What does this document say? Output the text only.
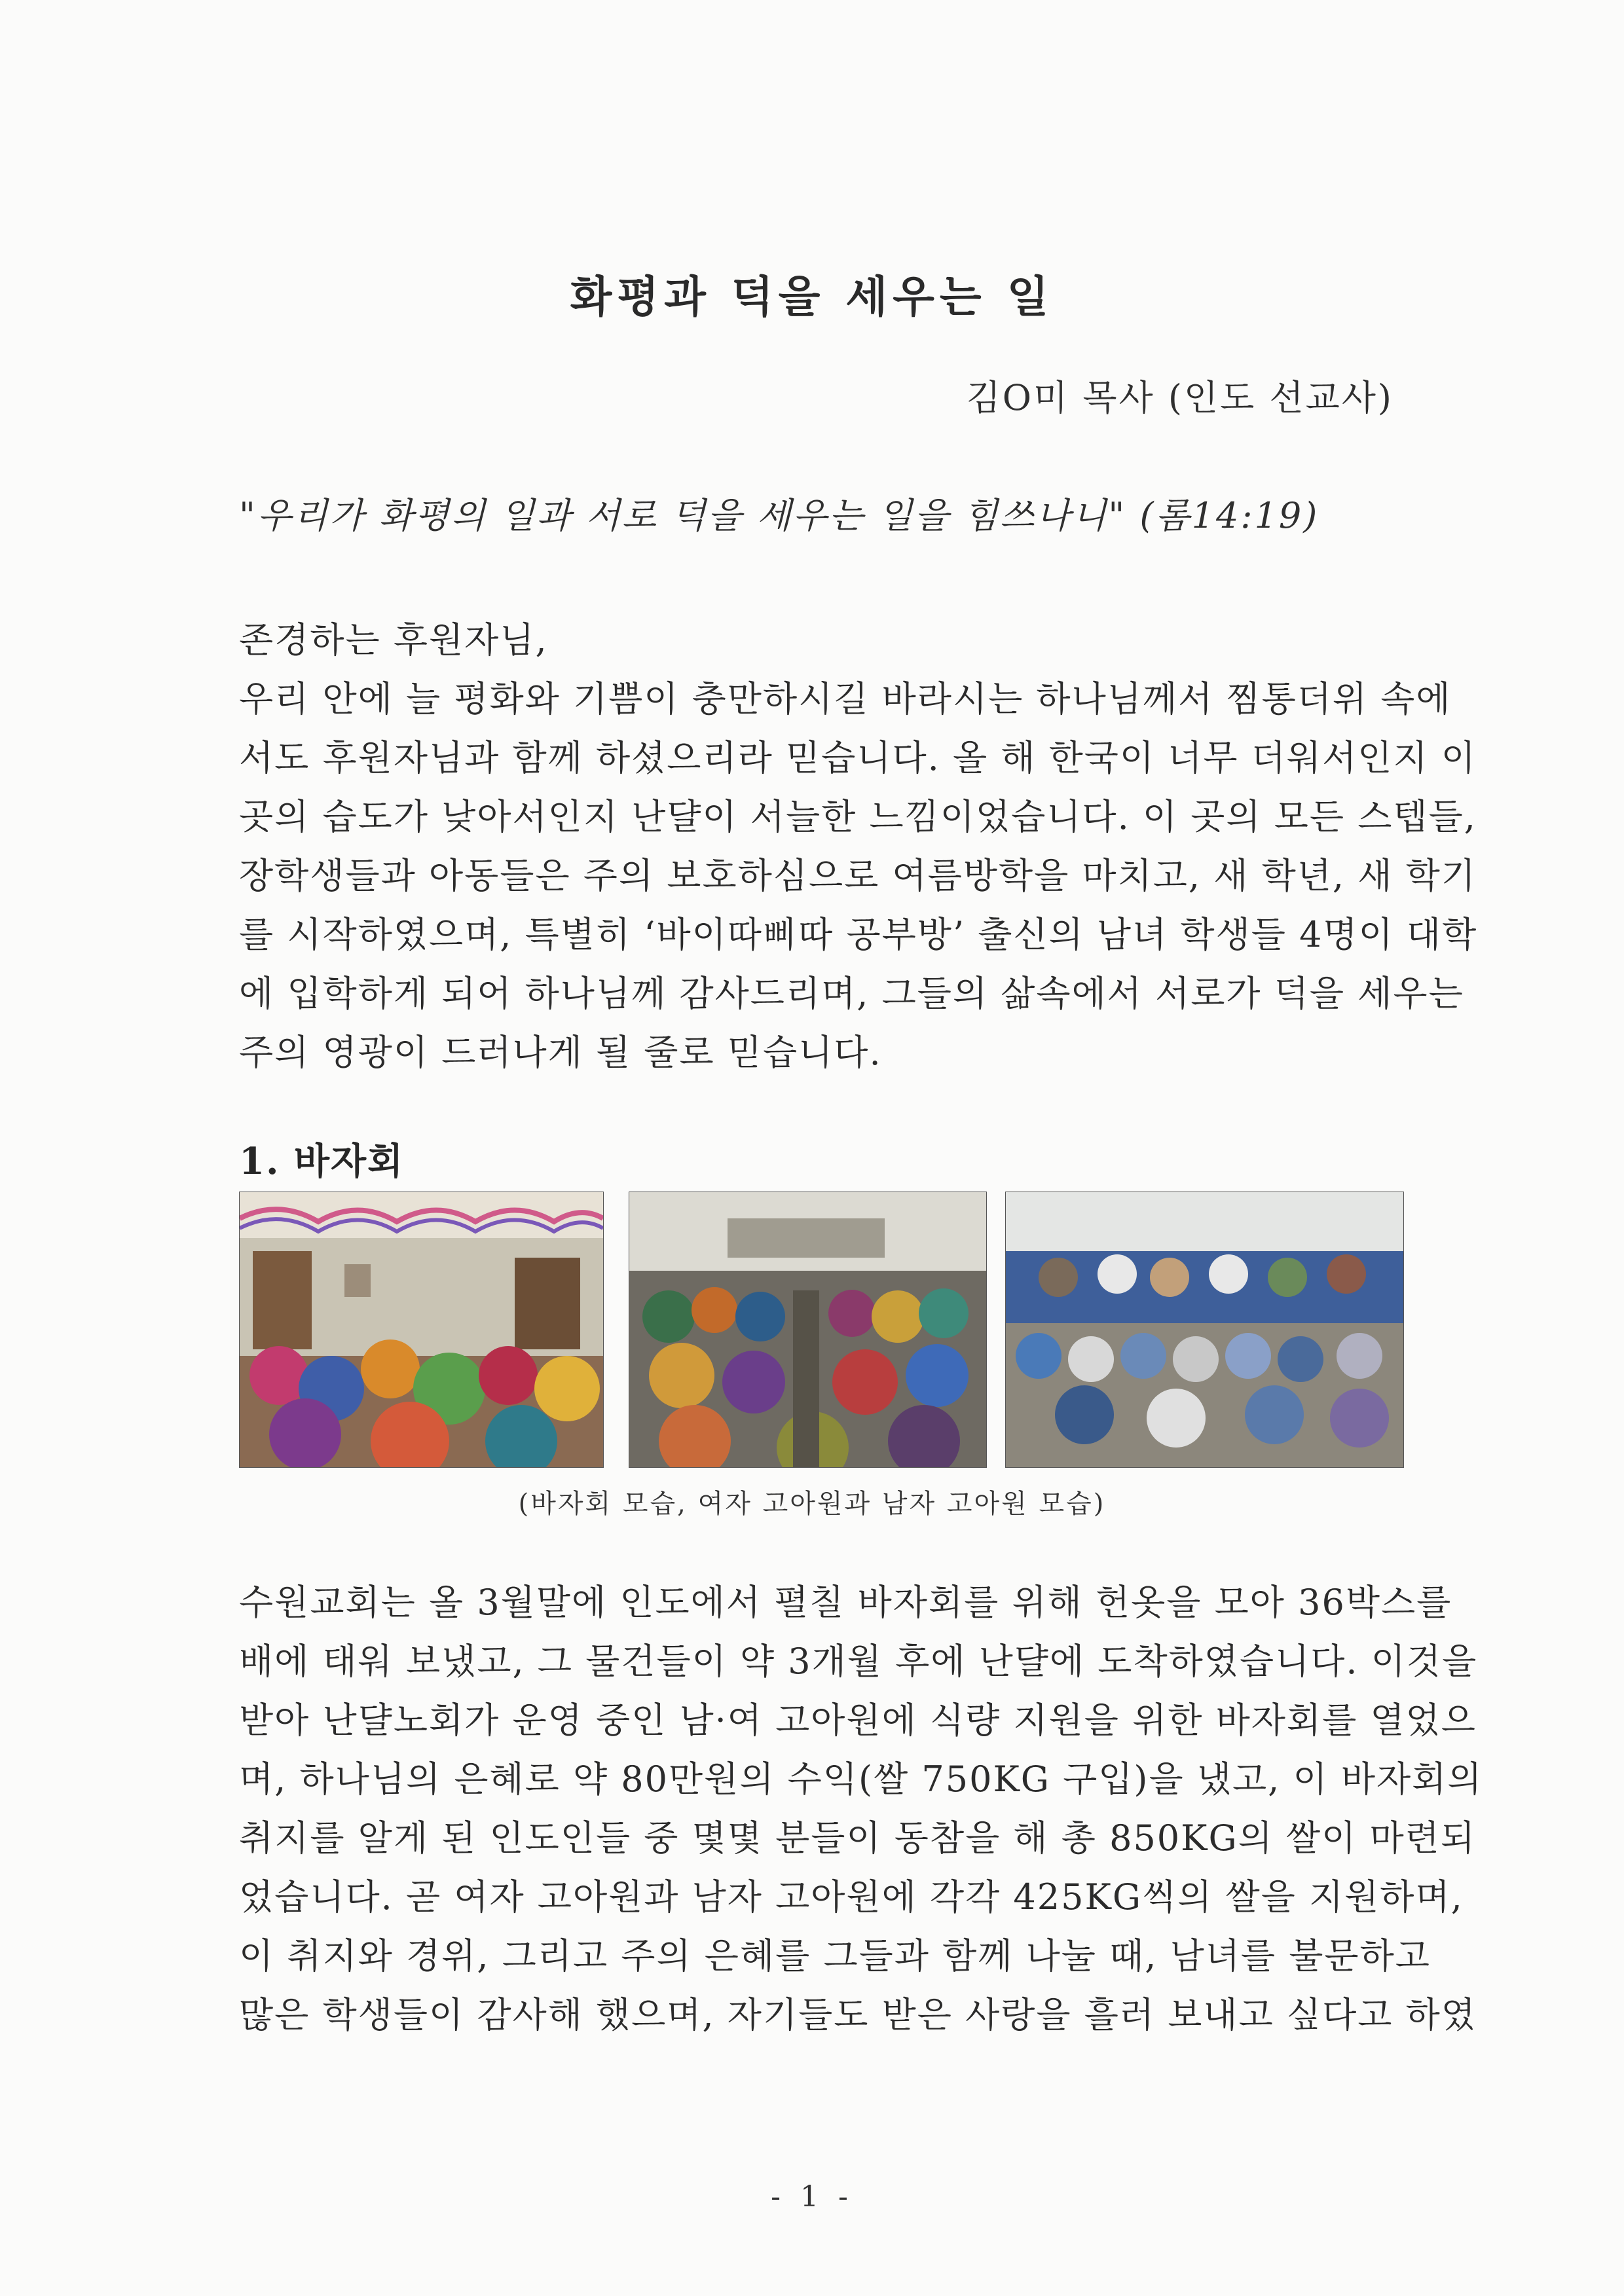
화평과 덕을 세우는 일
김O미 목사 (인도 선교사)
"우리가 화평의 일과 서로 덕을 세우는 일을 힘쓰나니" (롬14:19)
존경하는 후원자님,
우리 안에 늘 평화와 기쁨이 충만하시길 바라시는 하나님께서 찜통더위 속에
서도 후원자님과 함께 하셨으리라 믿습니다. 올 해 한국이 너무 더워서인지 이
곳의 습도가 낮아서인지 난댤이 서늘한 느낌이었습니다. 이 곳의 모든 스텝들,
장학생들과 아동들은 주의 보호하심으로 여름방학을 마치고, 새 학년, 새 학기
를 시작하였으며, 특별히 ‘바이따삐따 공부방’ 출신의 남녀 학생들 4명이 대학
에 입학하게 되어 하나님께 감사드리며, 그들의 삶속에서 서로가 덕을 세우는
주의 영광이 드러나게 될 줄로 믿습니다.
1. 바자회
(바자회 모습, 여자 고아원과 남자 고아원 모습)
수원교회는 올 3월말에 인도에서 펼칠 바자회를 위해 헌옷을 모아 36박스를
배에 태워 보냈고, 그 물건들이 약 3개월 후에 난댤에 도착하였습니다. 이것을
받아 난댤노회가 운영 중인 남·여 고아원에 식량 지원을 위한 바자회를 열었으
며, 하나님의 은혜로 약 80만원의 수익(쌀 750KG 구입)을 냈고, 이 바자회의
취지를 알게 된 인도인들 중 몇몇 분들이 동참을 해 총 850KG의 쌀이 마련되
었습니다. 곧 여자 고아원과 남자 고아원에 각각 425KG씩의 쌀을 지원하며,
이 취지와 경위, 그리고 주의 은혜를 그들과 함께 나눌 때, 남녀를 불문하고
많은 학생들이 감사해 했으며, 자기들도 받은 사랑을 흘러 보내고 싶다고 하였
- 1 -
